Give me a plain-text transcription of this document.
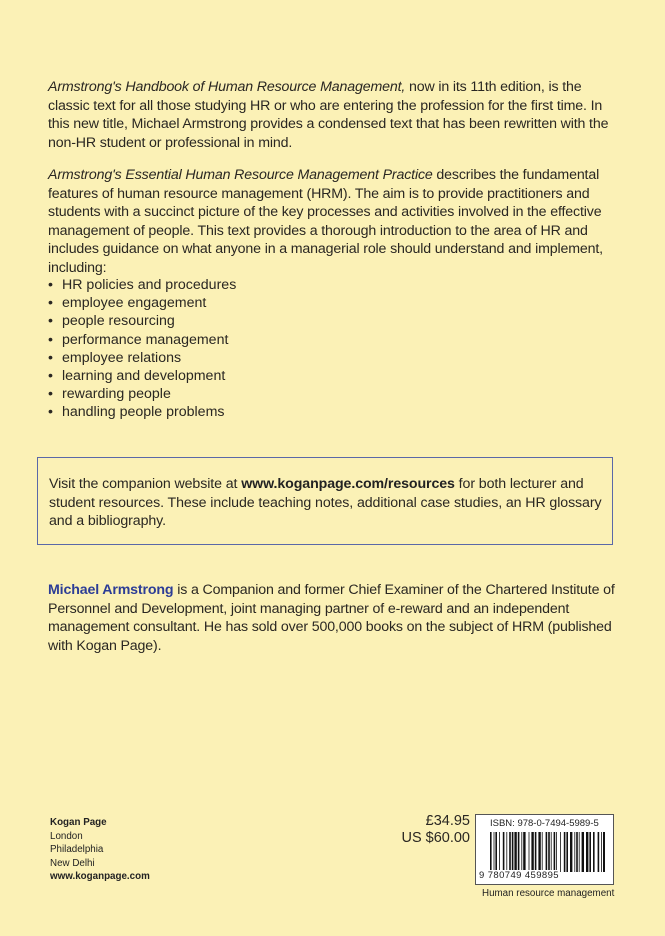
Armstrong's Handbook of Human Resource Management, now in its 11th edition, is the classic text for all those studying HR or who are entering the profession for the first time. In this new title, Michael Armstrong provides a condensed text that has been rewritten with the non-HR student or professional in mind.

Armstrong's Essential Human Resource Management Practice describes the fundamental features of human resource management (HRM). The aim is to provide practitioners and students with a succinct picture of the key processes and activities involved in the effective management of people. This text provides a thorough introduction to the area of HR and includes guidance on what anyone in a managerial role should understand and implement, including:

• HR policies and procedures
• employee engagement
• people resourcing
• performance management
• employee relations
• learning and development
• rewarding people
• handling people problems

Visit the companion website at www.koganpage.com/resources for both lecturer and student resources. These include teaching notes, additional case studies, an HR glossary and a bibliography.

Michael Armstrong is a Companion and former Chief Examiner of the Chartered Institute of Personnel and Development, joint managing partner of e-reward and an independent management consultant. He has sold over 500,000 books on the subject of HRM (published with Kogan Page).

Kogan Page
London
Philadelphia
New Delhi
www.koganpage.com
£34.95
US $60.00
ISBN: 978-0-7494-5989-5
9 780749 459895
Human resource management
